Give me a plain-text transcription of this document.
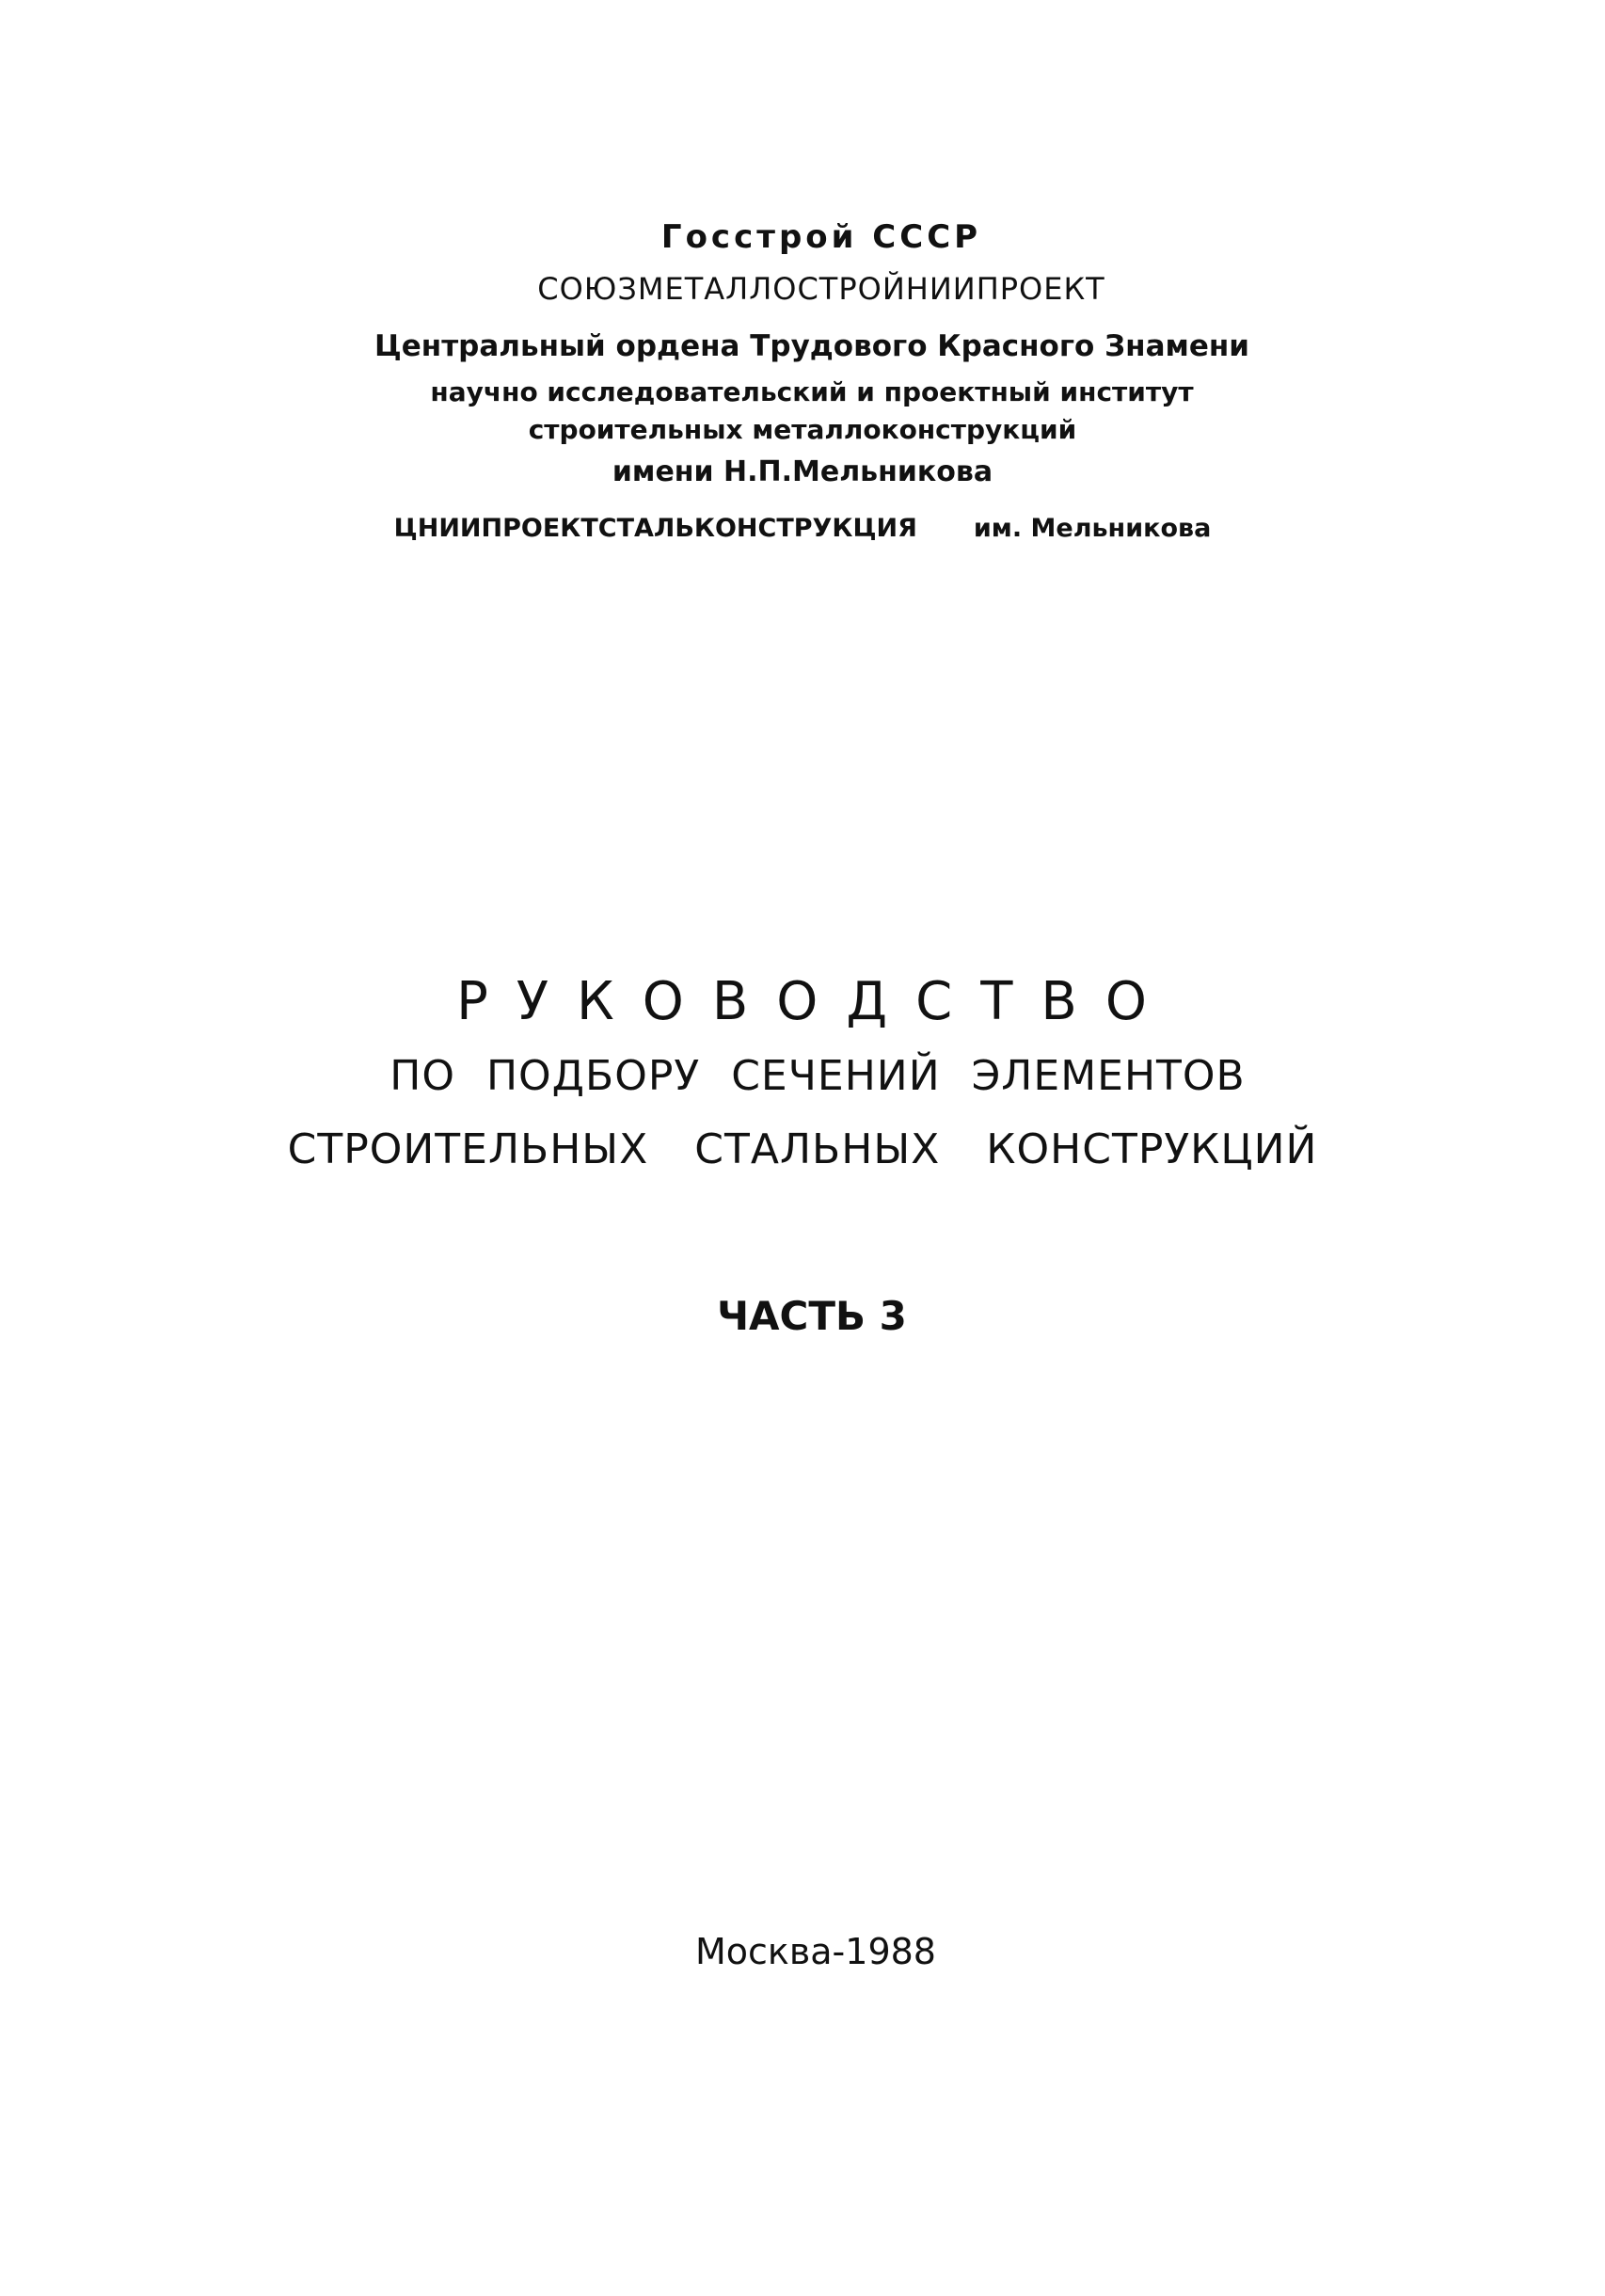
Госстрой СССР
СОЮЗМЕТАЛЛОСТРОЙНИИПРОЕКТ
Центральный ордена Трудового Красного Знамени
научно исследовательский и проектный институт
строительных металлоконструкций
имени Н.П.Мельникова
ЦНИИПРОЕКТСТАЛЬКОНСТРУКЦИЯ им. Мельникова
РУКОВОДСТВО
ПО ПОДБОРУ СЕЧЕНИЙ ЭЛЕМЕНТОВ
СТРОИТЕЛЬНЫХ СТАЛЬНЫХ КОНСТРУКЦИЙ
ЧАСТЬ 3
Москва-1988
